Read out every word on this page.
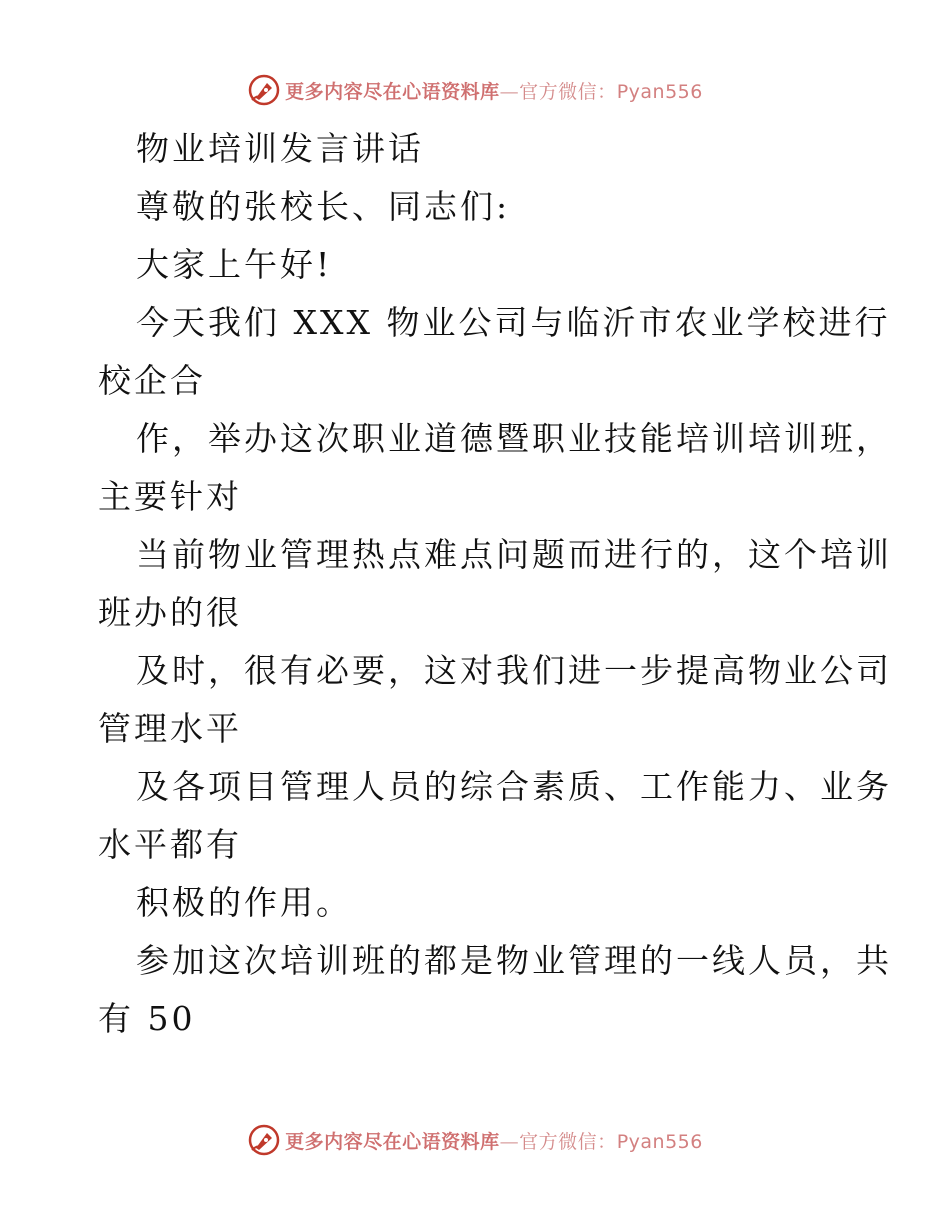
更多内容尽在心语资料库—官方微信：Pyan556
物业培训发言讲话
尊敬的张校长、同志们:
大家上午好!
今天我们 XXX 物业公司与临沂市农业学校进行
校企合
作，举办这次职业道德暨职业技能培训培训班，
主要针对
当前物业管理热点难点问题而进行的，这个培训
班办的很
及时，很有必要，这对我们进一步提高物业公司
管理水平
及各项目管理人员的综合素质、工作能力、业务
水平都有
积极的作用。
参加这次培训班的都是物业管理的一线人员，共
有 50
更多内容尽在心语资料库—官方微信：Pyan556
